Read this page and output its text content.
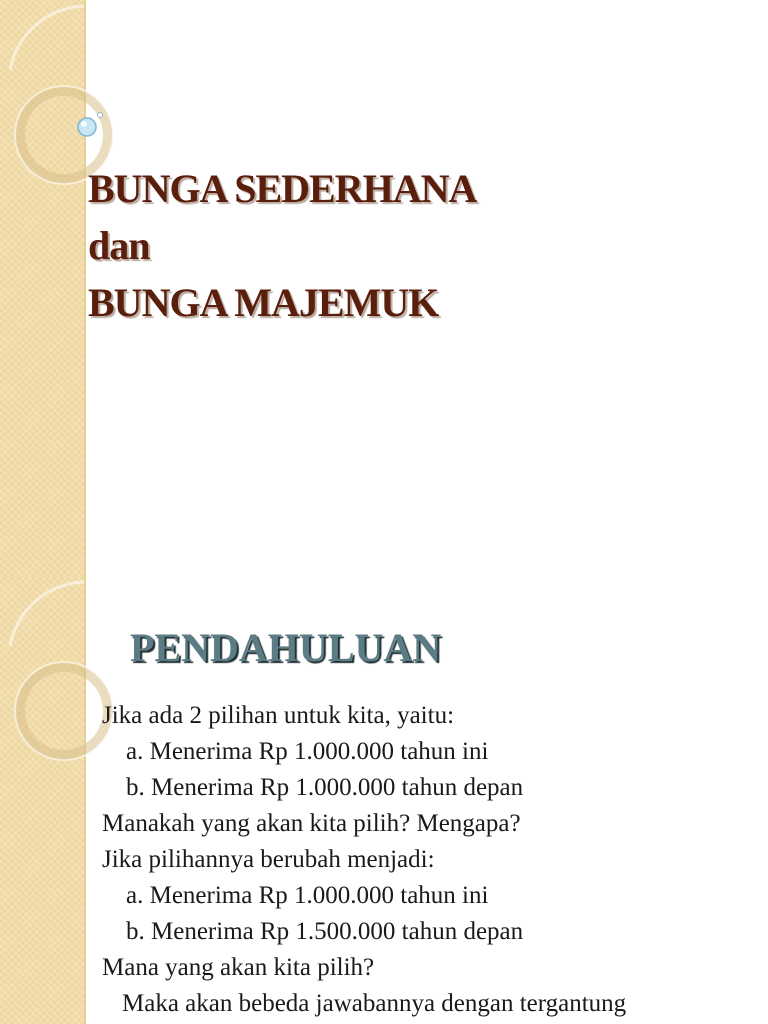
BUNGA SEDERHANA
dan
BUNGA MAJEMUK
PENDAHULUAN
Jika ada 2 pilihan untuk kita, yaitu:
a. Menerima Rp 1.000.000 tahun ini
b. Menerima Rp 1.000.000 tahun depan
Manakah yang akan kita pilih? Mengapa?
Jika pilihannya berubah menjadi:
a. Menerima Rp 1.000.000 tahun ini
b. Menerima Rp 1.500.000 tahun depan
Mana yang akan kita pilih?
Maka akan bebeda jawabannya dengan tergantung
